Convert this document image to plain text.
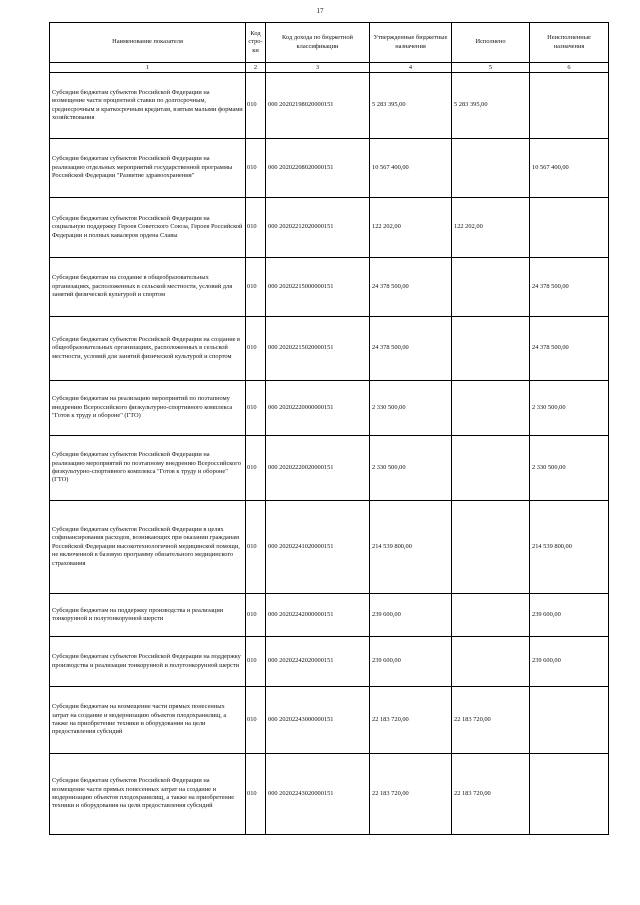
17
Наименование показателя	Код стро-ки	Код дохода по бюджетной классификации	Утвержденные бюджетные назначения	Исполнено	Неисполненные назначения
1	2	3	4	5	6
Субсидии бюджетам субъектов Российской Федерации на возмещение части процентной ставки по долгосрочным, среднесрочным и краткосрочным кредитам, взятым малыми формами хозяйствования	010	000 20202198020000151	5 283 395,00	5 283 395,00	
Субсидии бюджетам субъектов Российской Федерации на реализацию отдельных мероприятий государственной программы Российской Федерации "Развитие здравоохранения"	010	000 20202208020000151	10 567 400,00		10 567 400,00
Субсидии бюджетам субъектов Российской Федерации на социальную поддержку Героев Советского Союза, Героев Российской Федерации и полных кавалеров ордена Славы	010	000 20202212020000151	122 202,00	122 202,00	
Субсидии бюджетам на создание в общеобразовательных организациях, расположенных в сельской местности, условий для занятий физической культурой и спортом	010	000 20202215000000151	24 378 500,00		24 378 500,00
Субсидии бюджетам субъектов Российской Федерации на создание в общеобразовательных организациях, расположенных в сельской местности, условий для занятий физической культурой и спортом	010	000 20202215020000151	24 378 500,00		24 378 500,00
Субсидии бюджетам на реализацию мероприятий по поэтапному внедрению Всероссийского физкультурно-спортивного комплекса "Готов к труду и обороне" (ГТО)	010	000 20202220000000151	2 330 500,00		2 330 500,00
Субсидии бюджетам субъектов Российской Федерации на реализацию мероприятий по поэтапному внедрению Всероссийского физкультурно-спортивного комплекса "Готов к труду и обороне" (ГТО)	010	000 20202220020000151	2 330 500,00		2 330 500,00
Субсидии бюджетам субъектов Российской Федерации в целях софинансирования расходов, возникающих при оказании гражданам Российской Федерации высокотехнологичной медицинской помощи, не включенной в базовую программу обязательного медицинского страхования	010	000 20202241020000151	214 539 800,00		214 539 800,00
Субсидии бюджетам на поддержку производства и реализации тонкорунной и полутонкорунной шерсти	010	000 20202242000000151	239 600,00		239 600,00
Субсидии бюджетам субъектов Российской Федерации на поддержку производства и реализации тонкорунной и полутонкорунной шерсти	010	000 20202242020000151	239 600,00		239 600,00
Субсидии бюджетам на возмещение части прямых понесенных затрат на создание и модернизацию объектов плодохранилищ, а также на приобретение техники и оборудования на цели предоставления субсидий	010	000 20202243000000151	22 183 720,00	22 183 720,00	
Субсидии бюджетам субъектов Российской Федерации на возмещение части прямых понесенных затрат на создание и модернизацию объектов плодохранилищ, а также на приобретение техники и оборудования на цели предоставления субсидий	010	000 20202243020000151	22 183 720,00	22 183 720,00	
